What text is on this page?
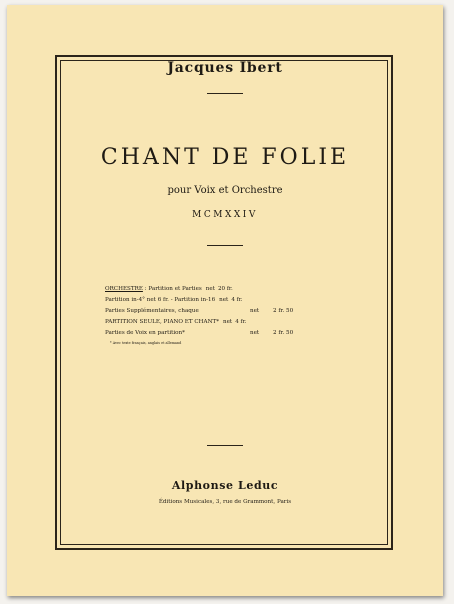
Jacques Ibert
CHANT DE FOLIE
pour Voix et Orchestre
MCMXXIV
ORCHESTRE : Partition et Parties net 20 fr.
Partition in-4° net 6 fr. - Partition in-16 net 4 fr.
Parties Supplémentaires, chaque	net	2 fr. 50
PARTITION SEULE, PIANO ET CHANT* net 4 fr.
Parties de Voix en partition*	net	2 fr. 50
* Avec texte français, anglais et allemand
Alphonse Leduc
Éditions Musicales, 3, rue de Grammont, Paris
